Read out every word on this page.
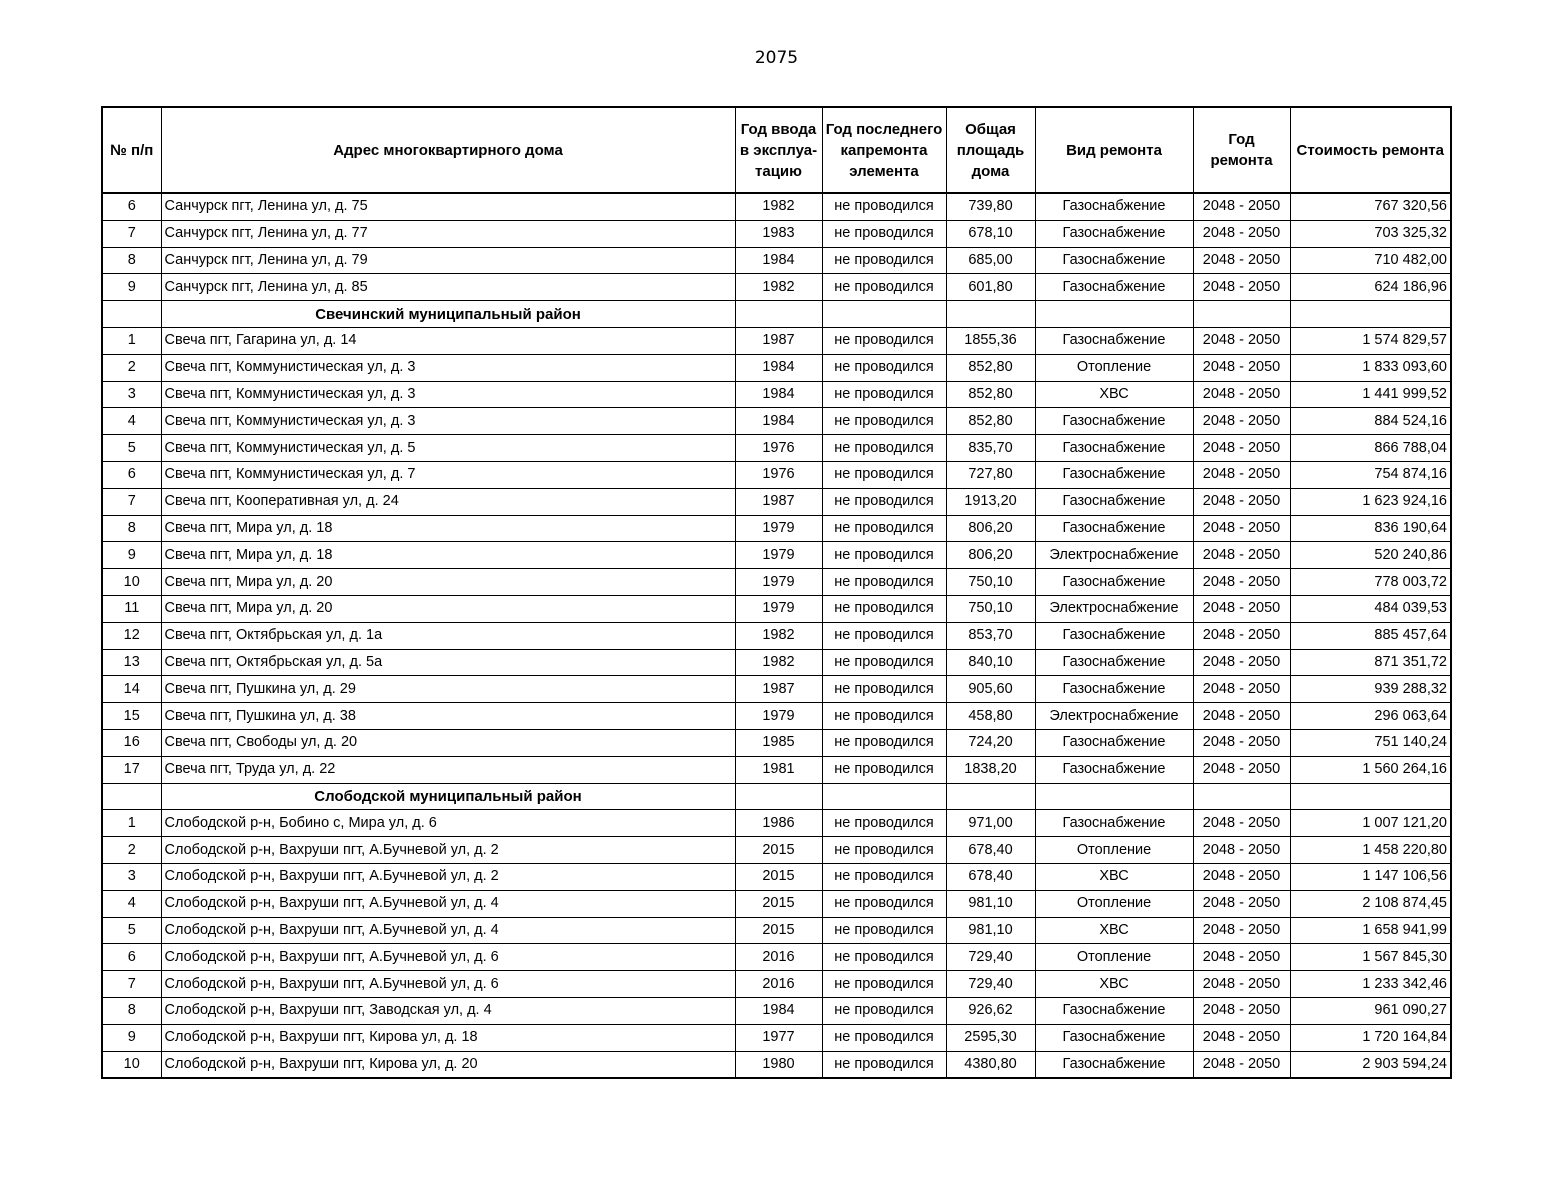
2075
№ п/п	Адрес многоквартирного дома	Год ввода в эксплуа-тацию	Год последнего капремонта элемента	Общая площадь дома	Вид ремонта	Год ремонта	Стоимость ремонта
6	Санчурск пгт, Ленина ул, д. 75	1982	не проводился	739,80	Газоснабжение	2048 - 2050	767 320,56
7	Санчурск пгт, Ленина ул, д. 77	1983	не проводился	678,10	Газоснабжение	2048 - 2050	703 325,32
8	Санчурск пгт, Ленина ул, д. 79	1984	не проводился	685,00	Газоснабжение	2048 - 2050	710 482,00
9	Санчурск пгт, Ленина ул, д. 85	1982	не проводился	601,80	Газоснабжение	2048 - 2050	624 186,96
	Свечинский муниципальный район						
1	Свеча пгт, Гагарина ул, д. 14	1987	не проводился	1855,36	Газоснабжение	2048 - 2050	1 574 829,57
2	Свеча пгт, Коммунистическая ул, д. 3	1984	не проводился	852,80	Отопление	2048 - 2050	1 833 093,60
3	Свеча пгт, Коммунистическая ул, д. 3	1984	не проводился	852,80	ХВС	2048 - 2050	1 441 999,52
4	Свеча пгт, Коммунистическая ул, д. 3	1984	не проводился	852,80	Газоснабжение	2048 - 2050	884 524,16
5	Свеча пгт, Коммунистическая ул, д. 5	1976	не проводился	835,70	Газоснабжение	2048 - 2050	866 788,04
6	Свеча пгт, Коммунистическая ул, д. 7	1976	не проводился	727,80	Газоснабжение	2048 - 2050	754 874,16
7	Свеча пгт, Кооперативная ул, д. 24	1987	не проводился	1913,20	Газоснабжение	2048 - 2050	1 623 924,16
8	Свеча пгт, Мира ул, д. 18	1979	не проводился	806,20	Газоснабжение	2048 - 2050	836 190,64
9	Свеча пгт, Мира ул, д. 18	1979	не проводился	806,20	Электроснабжение	2048 - 2050	520 240,86
10	Свеча пгт, Мира ул, д. 20	1979	не проводился	750,10	Газоснабжение	2048 - 2050	778 003,72
11	Свеча пгт, Мира ул, д. 20	1979	не проводился	750,10	Электроснабжение	2048 - 2050	484 039,53
12	Свеча пгт, Октябрьская ул, д. 1а	1982	не проводился	853,70	Газоснабжение	2048 - 2050	885 457,64
13	Свеча пгт, Октябрьская ул, д. 5а	1982	не проводился	840,10	Газоснабжение	2048 - 2050	871 351,72
14	Свеча пгт, Пушкина ул, д. 29	1987	не проводился	905,60	Газоснабжение	2048 - 2050	939 288,32
15	Свеча пгт, Пушкина ул, д. 38	1979	не проводился	458,80	Электроснабжение	2048 - 2050	296 063,64
16	Свеча пгт, Свободы ул, д. 20	1985	не проводился	724,20	Газоснабжение	2048 - 2050	751 140,24
17	Свеча пгт, Труда ул, д. 22	1981	не проводился	1838,20	Газоснабжение	2048 - 2050	1 560 264,16
	Слободской муниципальный район						
1	Слободской р-н, Бобино с, Мира ул, д. 6	1986	не проводился	971,00	Газоснабжение	2048 - 2050	1 007 121,20
2	Слободской р-н, Вахруши пгт, А.Бучневой ул, д. 2	2015	не проводился	678,40	Отопление	2048 - 2050	1 458 220,80
3	Слободской р-н, Вахруши пгт, А.Бучневой ул, д. 2	2015	не проводился	678,40	ХВС	2048 - 2050	1 147 106,56
4	Слободской р-н, Вахруши пгт, А.Бучневой ул, д. 4	2015	не проводился	981,10	Отопление	2048 - 2050	2 108 874,45
5	Слободской р-н, Вахруши пгт, А.Бучневой ул, д. 4	2015	не проводился	981,10	ХВС	2048 - 2050	1 658 941,99
6	Слободской р-н, Вахруши пгт, А.Бучневой ул, д. 6	2016	не проводился	729,40	Отопление	2048 - 2050	1 567 845,30
7	Слободской р-н, Вахруши пгт, А.Бучневой ул, д. 6	2016	не проводился	729,40	ХВС	2048 - 2050	1 233 342,46
8	Слободской р-н, Вахруши пгт, Заводская ул, д. 4	1984	не проводился	926,62	Газоснабжение	2048 - 2050	961 090,27
9	Слободской р-н, Вахруши пгт, Кирова ул, д. 18	1977	не проводился	2595,30	Газоснабжение	2048 - 2050	1 720 164,84
10	Слободской р-н, Вахруши пгт, Кирова ул, д. 20	1980	не проводился	4380,80	Газоснабжение	2048 - 2050	2 903 594,24
